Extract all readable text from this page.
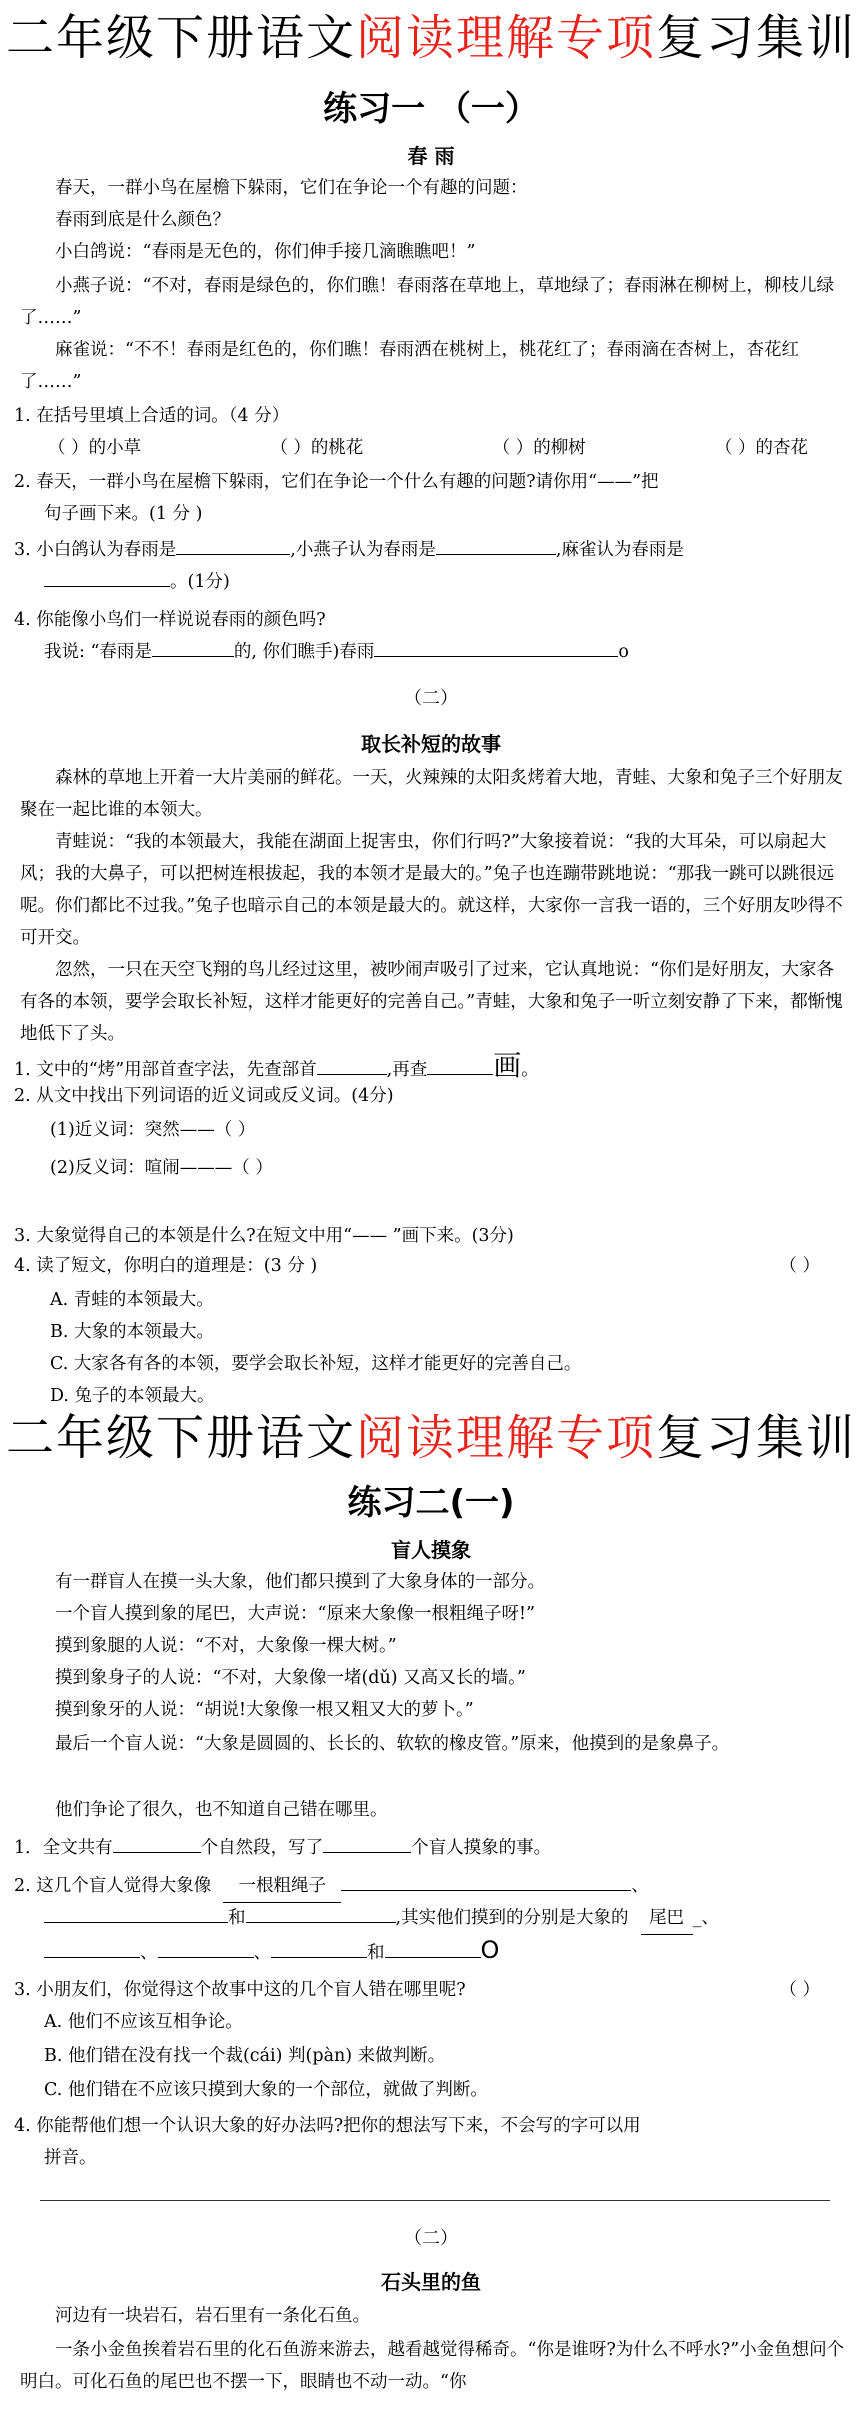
二年级下册语文阅读理解专项复习集训
练习一 （一）
春 雨
春天，一群小鸟在屋檐下躲雨，它们在争论一个有趣的问题：
春雨到底是什么颜色？
小白鸽说：“春雨是无色的，你们伸手接几滴瞧瞧吧！”
小燕子说：“不对，春雨是绿色的，你们瞧！春雨落在草地上，草地绿了；春雨淋在柳树上，柳枝儿绿了……”
麻雀说：“不不！春雨是红色的，你们瞧！春雨洒在桃树上，桃花红了；春雨滴在杏树上，杏花红了……”
1. 在括号里填上合适的词。（4 分）
（ ）的小草	（ ）的桃花	（ ）的柳树	（ ）的杏花
2. 春天，一群小鸟在屋檐下躲雨，它们在争论一个什么有趣的问题?请你用“——”把
句子画下来。(1 分 )
3. 小白鸽认为春雨是	,小燕子认为春雨是	,麻雀认为春雨是
。(1分)
4. 你能像小鸟们一样说说春雨的颜色吗?
我说: “春雨是	的, 你们瞧手)春雨	o
（二）
取长补短的故事
森林的草地上开着一大片美丽的鲜花。一天，火辣辣的太阳炙烤着大地，青蛙、大象和兔子三个好朋友聚在一起比谁的本领大。
青蛙说：“我的本领最大，我能在湖面上捉害虫，你们行吗?”大象接着说：“我的大耳朵，可以扇起大风；我的大鼻子，可以把树连根拔起，我的本领才是最大的。”兔子也连蹦带跳地说：“那我一跳可以跳很远呢。你们都比不过我。”兔子也暗示自己的本领是最大的。就这样，大家你一言我一语的，三个好朋友吵得不可开交。
忽然，一只在天空飞翔的鸟儿经过这里，被吵闹声吸引了过来，它认真地说：“你们是好朋友，大家各有各的本领，要学会取长补短，这样才能更好的完善自己。”青蛙，大象和兔子一听立刻安静了下来，都惭愧地低下了头。
1. 文中的“烤”用部首查字法，先查部首	,再查 画。
2. 从文中找出下列词语的近义词或反义词。(4分)
(1)近义词：突然——（ ）
(2)反义词：喧闹———（ ）
3. 大象觉得自己的本领是什么?在短文中用“—— ”画下来。(3分)
4. 读了短文，你明白的道理是：(3 分 )	（ ）
A. 青蛙的本领最大。
B. 大象的本领最大。
C. 大家各有各的本领，要学会取长补短，这样才能更好的完善自己。
D. 兔子的本领最大。
二年级下册语文阅读理解专项复习集训
练习二(一)
盲人摸象
有一群盲人在摸一头大象，他们都只摸到了大象身体的一部分。
一个盲人摸到象的尾巴，大声说：“原来大象像一根粗绳子呀!”
摸到象腿的人说：“不对，大象像一棵大树。”
摸到象身子的人说：“不对，大象像一堵(dǔ) 又高又长的墙。”
摸到象牙的人说：“胡说!大象像一根又粗又大的萝卜。”
最后一个盲人说：“大象是圆圆的、长长的、软软的橡皮管。”原来，他摸到的是象鼻子。
他们争论了很久，也不知道自己错在哪里。
1．全文共有	个自然段，写了	个盲人摸象的事。
2. 这几个盲人觉得大象像 一根粗绳子	、
和	,其实他们摸到的分别是大象的 尾巴 _、
、	、	和	O
3. 小朋友们，你觉得这个故事中这的几个盲人错在哪里呢?	（ ）
A. 他们不应该互相争论。
B. 他们错在没有找一个裁(cái) 判(pàn) 来做判断。
C. 他们错在不应该只摸到大象的一个部位，就做了判断。
4. 你能帮他们想一个认识大象的好办法吗?把你的想法写下来，不会写的字可以用
拼音。
（二）
石头里的鱼
河边有一块岩石，岩石里有一条化石鱼。
一条小金鱼挨着岩石里的化石鱼游来游去，越看越觉得稀奇。“你是谁呀?为什么不呼水?”小金鱼想问个明白。可化石鱼的尾巴也不摆一下，眼睛也不动一动。“你
